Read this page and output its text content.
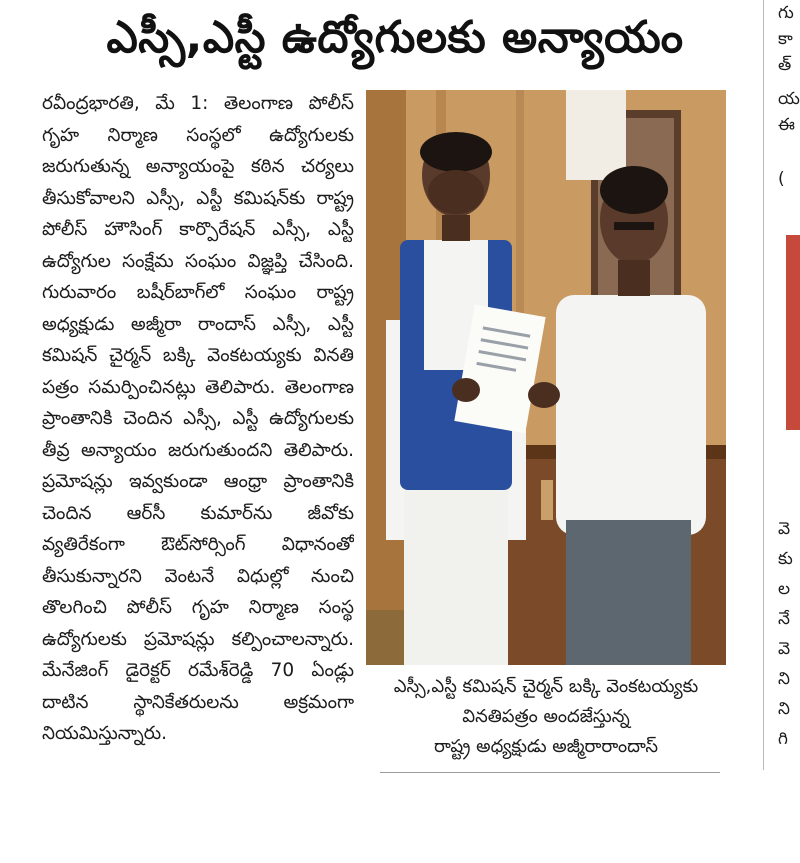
ఎస్సీ,ఎస్టీ ఉద్యోగులకు అన్యాయం

రవీంద్రభారతి, మే 1: తెలంగాణ పోలీస్ గృహ నిర్మాణ సంస్థలో ఉద్యోగులకు జరుగుతున్న అన్యాయంపై కఠిన చర్యలు తీసుకోవాలని ఎస్సీ, ఎస్టీ కమిషన్‌కు రాష్ట్ర పోలీస్ హౌసింగ్ కార్పొరేషన్ ఎస్సీ, ఎస్టీ ఉద్యోగుల సంక్షేమ సంఘం విజ్ఞప్తి చేసింది. గురువారం బషీర్‌బాగ్‌లో సంఘం రాష్ట్ర అధ్యక్షుడు అజ్మీరా రాందాస్ ఎస్సీ, ఎస్టీ కమిషన్ చైర్మన్ బక్కి వెంకటయ్యకు వినతి పత్రం సమర్పించినట్లు తెలిపారు. తెలంగాణ ప్రాంతానికి చెందిన ఎస్సీ, ఎస్టీ ఉద్యోగులకు తీవ్ర అన్యాయం జరుగుతుందని తెలిపారు. ప్రమోషన్లు ఇవ్వకుండా ఆంధ్రా ప్రాంతానికి చెందిన ఆర్‌సీ కుమార్‌ను జీవోకు వ్యతిరేకంగా ఔట్‌సోర్సింగ్ విధానంతో తీసుకున్నారని వెంటనే విధుల్లో నుంచి తొలగించి పోలీస్ గృహ నిర్మాణ సంస్థ ఉద్యోగులకు ప్రమోషన్లు కల్పించాలన్నారు. మేనేజింగ్ డైరెక్టర్ రమేశ్‌రెడ్డి 70 ఏండ్లు దాటిన స్థానికేతరులను అక్రమంగా నియమిస్తున్నారు.

ఎస్సీ,ఎస్టీ కమిషన్ చైర్మన్ బక్కి వెంకటయ్యకు
వినతిపత్రం అందజేస్తున్న
రాష్ట్ర అధ్యక్షుడు అజ్మీరారాందాస్
గు
కా
త్
య
ఈ
(
వె
కు
ల
నే
వె
ని
ని
గి
